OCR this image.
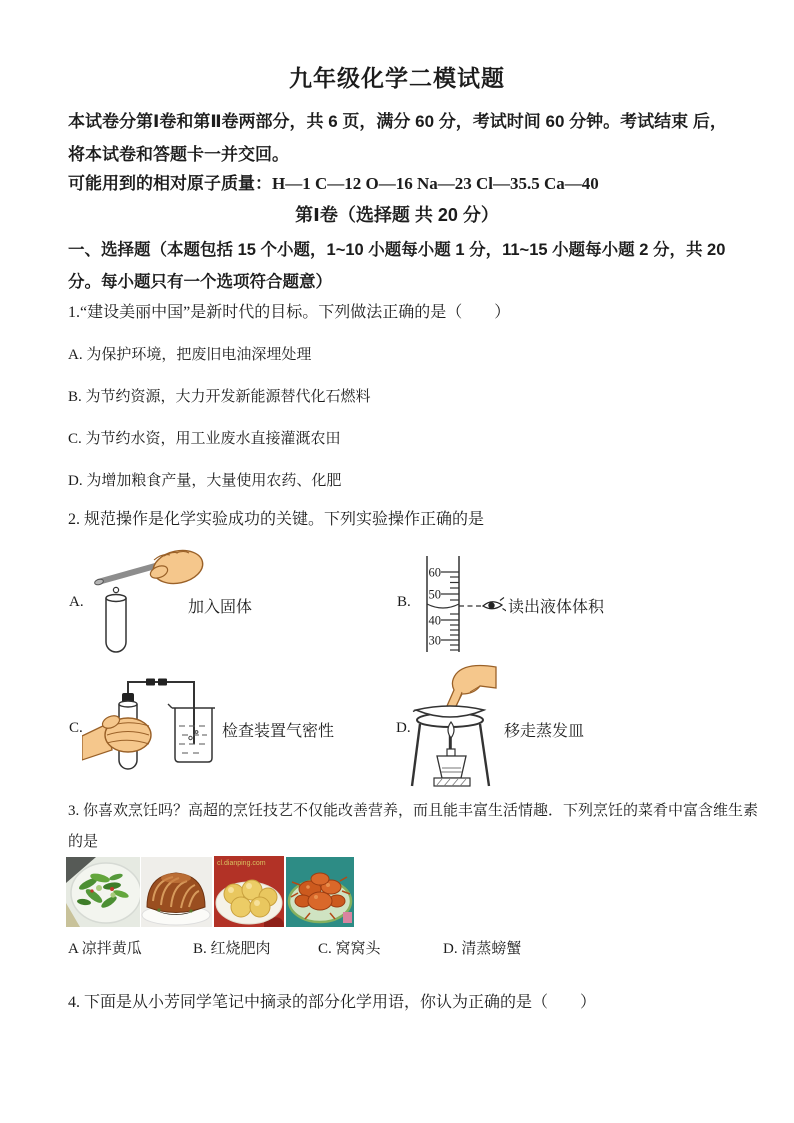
九年级化学二模试题
本试卷分第Ⅰ卷和第Ⅱ卷两部分，共 6 页，满分 60 分，考试时间 60 分钟。考试结束 后，
将本试卷和答题卡一并交回。
可能用到的相对原子质量：H—1 C—12 O—16 Na—23 Cl—35.5 Ca—40
第Ⅰ卷（选择题 共 20 分）
一、选择题（本题包括 15 个小题，1~10 小题每小题 1 分，11~15 小题每小题 2 分，共 20
分。每小题只有一个选项符合题意）
1.“建设美丽中国”是新时代的目标。下列做法正确的是（　　）
A. 为保护环境，把废旧电油深埋处理
B. 为节约资源，大力开发新能源替代化石燃料
C. 为节约水资，用工业废水直接灌溉农田
D. 为增加粮食产量，大量使用农药、化肥
2. 规范操作是化学实验成功的关键。下列实验操作正确的是
A.	加入固体	B.
60
50
40
30
读出液体体积
C.	检查装置气密性	D.	移走蒸发皿
3. 你喜欢烹饪吗？高超的烹饪技艺不仅能改善营养，而且能丰富生活情趣．下列烹饪的菜肴中富含维生素
的是
cl.dianping.com
A 凉拌黄瓜	B. 红烧肥肉	C. 窝窝头	D. 清蒸螃蟹
4. 下面是从小芳同学笔记中摘录的部分化学用语，你认为正确的是（　　）
